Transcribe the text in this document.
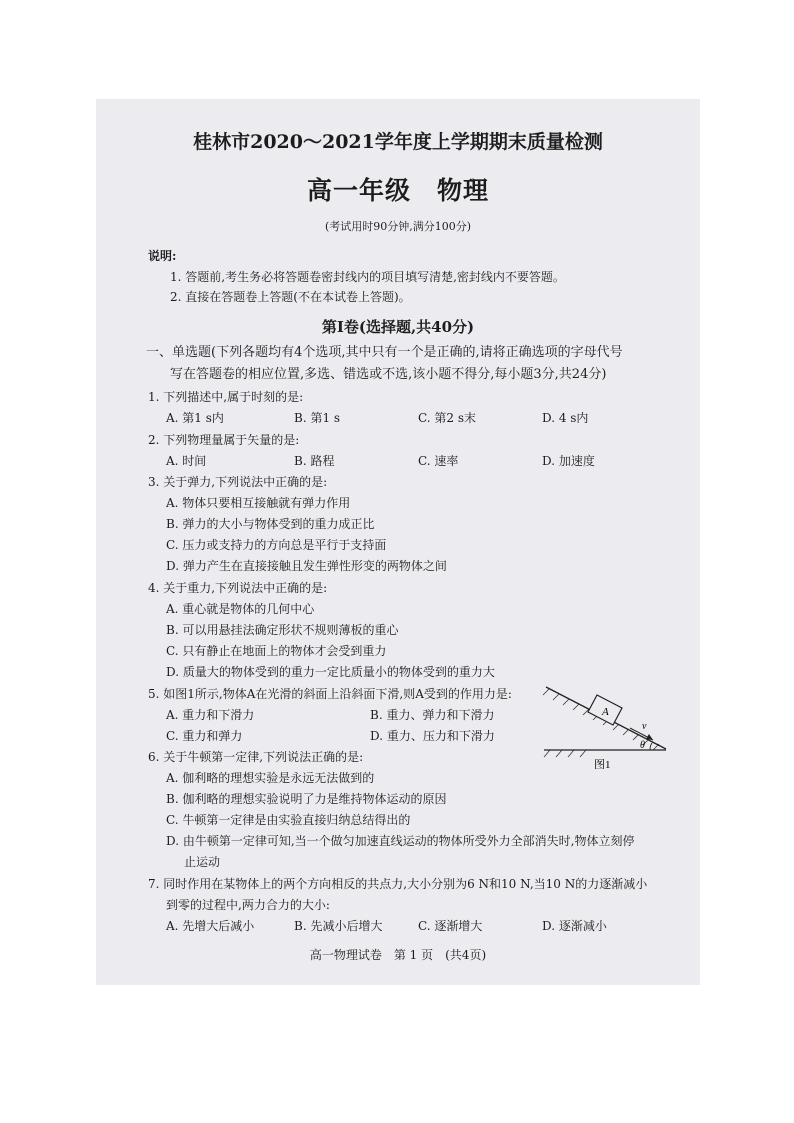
桂林市2020～2021学年度上学期期末质量检测
高一年级　物理
(考试用时90分钟,满分100分)
说明:
1. 答题前,考生务必将答题卷密封线内的项目填写清楚,密封线内不要答题。
2. 直接在答题卷上答题(不在本试卷上答题)。
第Ⅰ卷(选择题,共40分)
一、单选题(下列各题均有4个选项,其中只有一个是正确的,请将正确选项的字母代号
写在答题卷的相应位置,多选、错选或不选,该小题不得分,每小题3分,共24分)
1. 下列描述中,属于时刻的是:
A. 第1 s内	B. 第1 s	C. 第2 s末	D. 4 s内
2. 下列物理量属于矢量的是:
A. 时间	B. 路程	C. 速率	D. 加速度
3. 关于弹力,下列说法中正确的是:
A. 物体只要相互接触就有弹力作用
B. 弹力的大小与物体受到的重力成正比
C. 压力或支持力的方向总是平行于支持面
D. 弹力产生在直接接触且发生弹性形变的两物体之间
4. 关于重力,下列说法中正确的是:
A. 重心就是物体的几何中心
B. 可以用悬挂法确定形状不规则薄板的重心
C. 只有静止在地面上的物体才会受到重力
D. 质量大的物体受到的重力一定比质量小的物体受到的重力大
5. 如图1所示,物体A在光滑的斜面上沿斜面下滑,则A受到的作用力是:
A. 重力和下滑力	B. 重力、弹力和下滑力
C. 重力和弹力	D. 重力、压力和下滑力
A
v
θ
图1
6. 关于牛顿第一定律,下列说法正确的是:
A. 伽利略的理想实验是永远无法做到的
B. 伽利略的理想实验说明了力是维持物体运动的原因
C. 牛顿第一定律是由实验直接归纳总结得出的
D. 由牛顿第一定律可知,当一个做匀加速直线运动的物体所受外力全部消失时,物体立刻停
止运动
7. 同时作用在某物体上的两个方向相反的共点力,大小分别为6 N和10 N,当10 N的力逐渐减小
到零的过程中,两力合力的大小:
A. 先增大后减小	B. 先减小后增大	C. 逐渐增大	D. 逐渐减小
高一物理试卷　第 1 页　(共4页)
